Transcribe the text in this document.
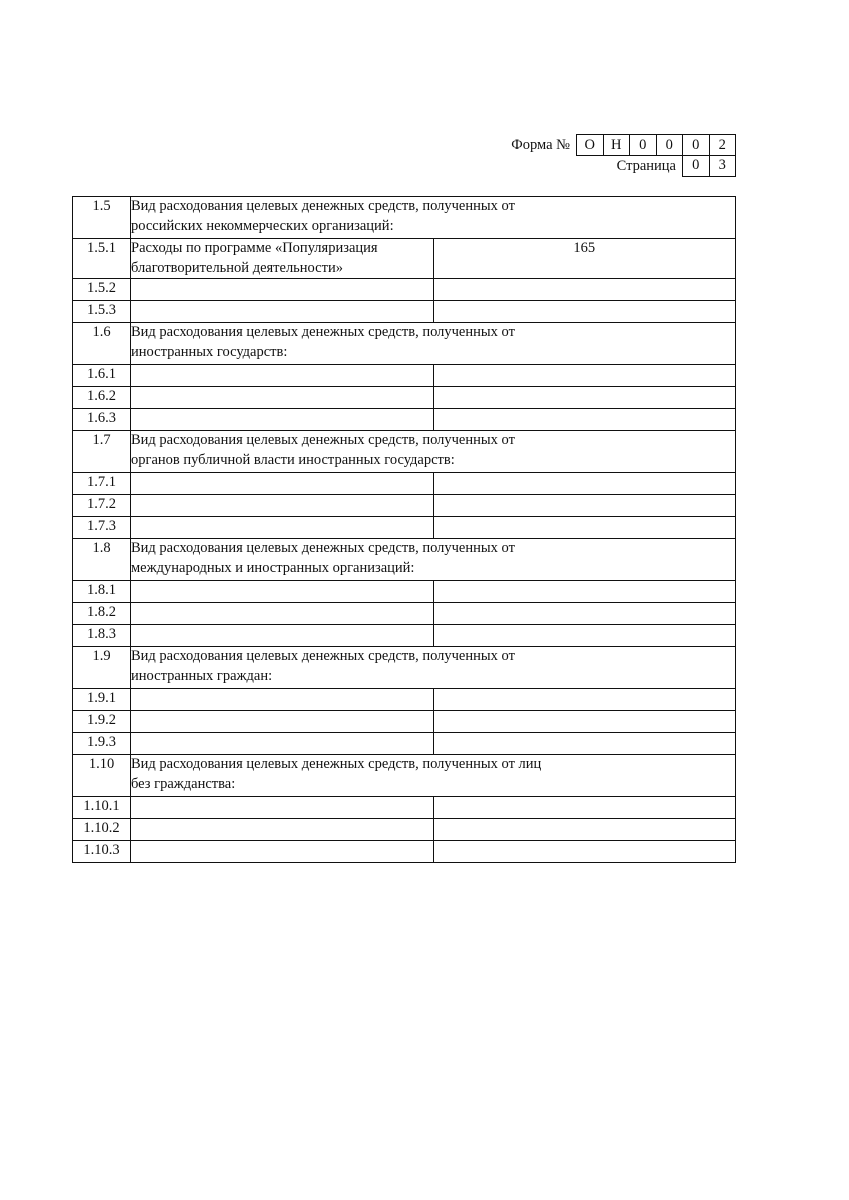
Форма №	О	Н	0	0	0	2
Страница	0	3
1.5	Вид расходования целевых денежных средств, полученных от российских некоммерческих организаций:	
1.5.1	Расходы по программе «Популяризация благотворительной деятельности»	165
1.5.2		
1.5.3		
1.6	Вид расходования целевых денежных средств, полученных от иностранных государств:	
1.6.1		
1.6.2		
1.6.3		
1.7	Вид расходования целевых денежных средств, полученных от органов публичной власти иностранных государств:	
1.7.1		
1.7.2		
1.7.3		
1.8	Вид расходования целевых денежных средств, полученных от международных и иностранных организаций:	
1.8.1		
1.8.2		
1.8.3		
1.9	Вид расходования целевых денежных средств, полученных от иностранных граждан:	
1.9.1		
1.9.2		
1.9.3		
1.10	Вид расходования целевых денежных средств, полученных от лиц без гражданства:	
1.10.1		
1.10.2		
1.10.3		
